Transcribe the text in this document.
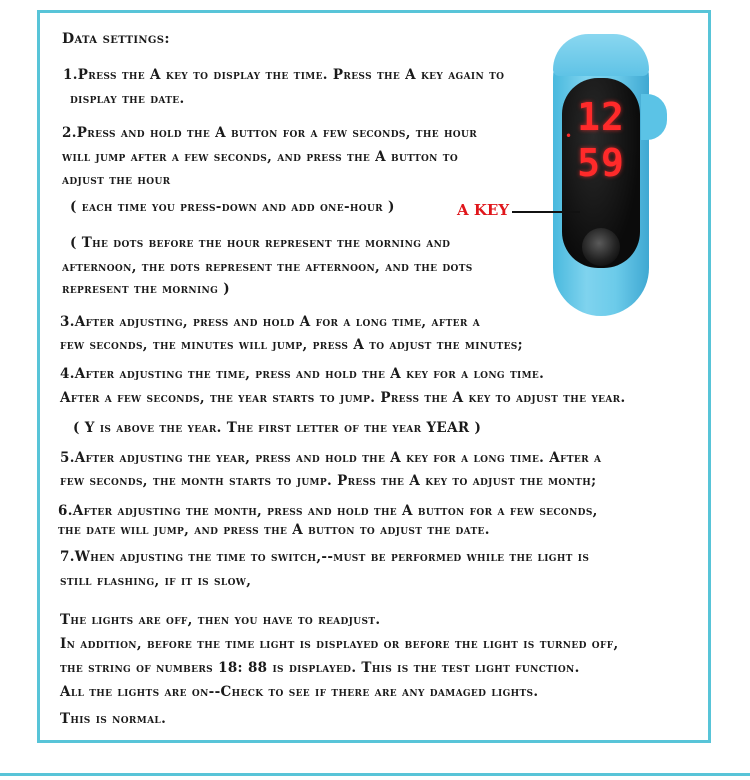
Data settings:
1.Press the A key to display the time. Press the A key again to
display the date.
2.Press and hold the A button for a few seconds, the hour
will jump after a few seconds, and press the A button to
adjust the hour
( each time you press-down and add one-hour )
( The dots before the hour represent the morning and
afternoon, the dots represent the afternoon, and the dots
represent the morning )
3.After adjusting, press and hold A for a long time, after a
few seconds, the minutes will jump, press A to adjust the minutes;
4.After adjusting the time, press and hold the A key for a long time.
After a few seconds, the year starts to jump. Press the A key to adjust the year.
( Y is above the year. The first letter of the year YEAR )
5.After adjusting the year, press and hold the A key for a long time. After a
few seconds, the month starts to jump. Press the A key to adjust the month;
6.After adjusting the month, press and hold the A button for a few seconds,
the date will jump, and press the A button to adjust the date.
7.When adjusting the time to switch,--must be performed while the light is
still flashing, if it is slow,
The lights are off, then you have to readjust.
In addition, before the time light is displayed or before the light is turned off,
the string of numbers 18: 88 is displayed. This is the test light function.
All the lights are on--Check to see if there are any damaged lights.
This is normal.
12
59
•
A KEY
